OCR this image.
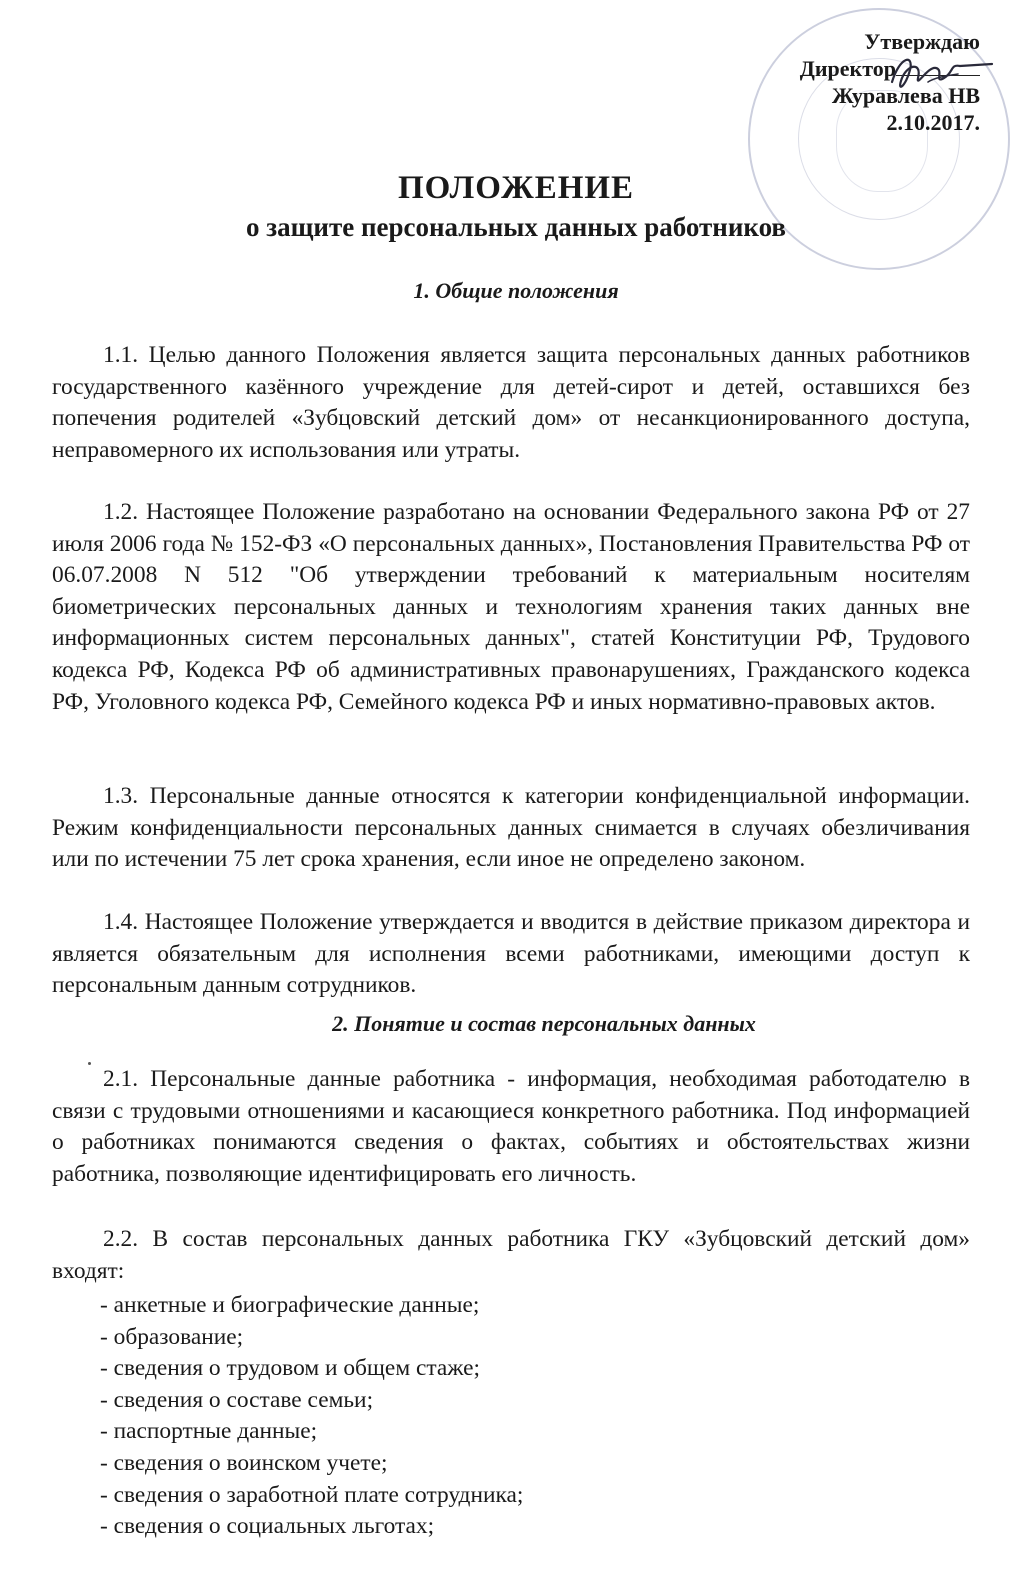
Утверждаю
Директор
Журавлева НВ
2.10.2017.
ПОЛОЖЕНИЕ
о защите персональных данных работников
1. Общие положения

1.1. Целью данного Положения является защита персональных данных работников государственного казённого учреждение для детей-сирот и детей, оставшихся без попечения родителей «Зубцовский детский дом» от несанкционированного доступа, неправомерного их использования или утраты.

1.2. Настоящее Положение разработано на основании Федерального закона РФ от 27 июля 2006 года № 152-ФЗ «О персональных данных», Постановления Правительства РФ от 06.07.2008 N 512 "Об утверждении требований к материальным носителям биометрических персональных данных и технологиям хранения таких данных вне информационных систем персональных данных", статей Конституции РФ, Трудового кодекса РФ, Кодекса РФ об административных правонарушениях, Гражданского кодекса РФ, Уголовного кодекса РФ, Семейного кодекса РФ и иных нормативно-правовых актов.

1.3. Персональные данные относятся к категории конфиденциальной информации. Режим конфиденциальности персональных данных снимается в случаях обезличивания или по истечении 75 лет срока хранения, если иное не определено законом.

1.4. Настоящее Положение утверждается и вводится в действие приказом директора и является обязательным для исполнения всеми работниками, имеющими доступ к персональным данным сотрудников.

2. Понятие и состав персональных данных

2.1. Персональные данные работника - информация, необходимая работодателю в связи с трудовыми отношениями и касающиеся конкретного работника. Под информацией о работниках понимаются сведения о фактах, событиях и обстоятельствах жизни работника, позволяющие идентифицировать его личность.

2.2. В состав персональных данных работника ГКУ «Зубцовский детский дом» входят:

- анкетные и биографические данные;
- образование;
- сведения о трудовом и общем стаже;
- сведения о составе семьи;
- паспортные данные;
- сведения о воинском учете;
- сведения о заработной плате сотрудника;
- сведения о социальных льготах;
